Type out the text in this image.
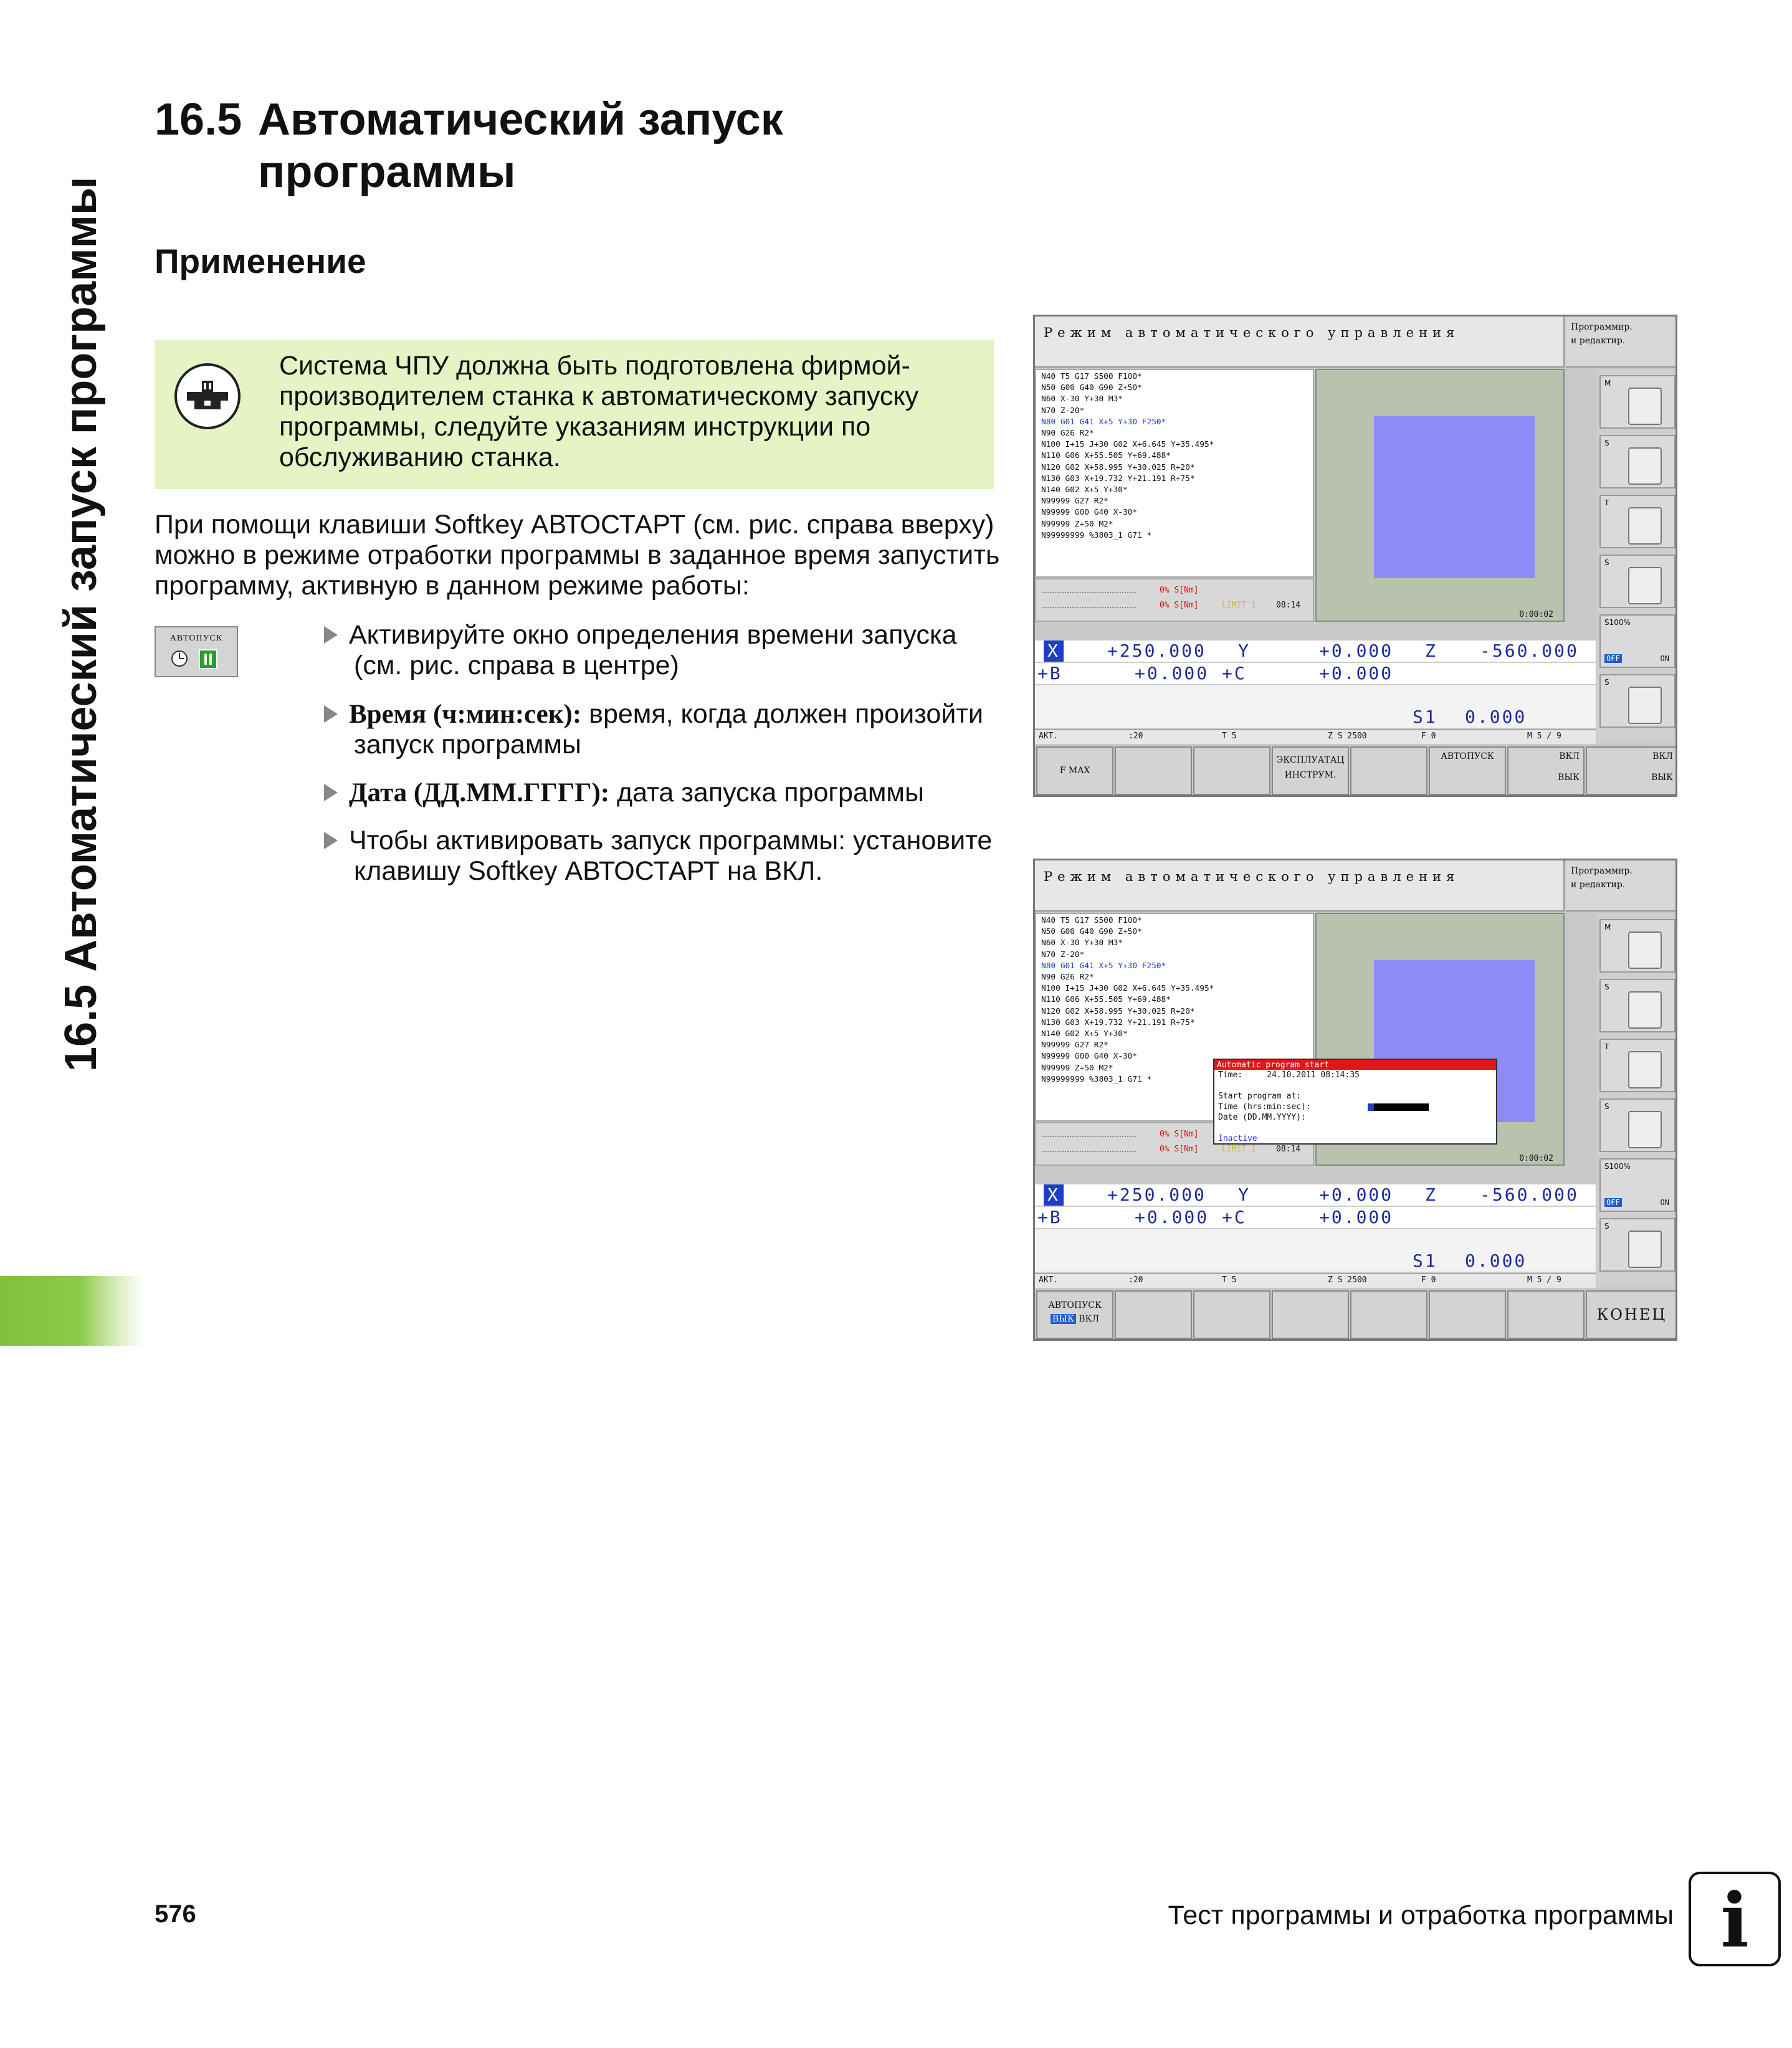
16.5 Автоматический запуск программы
16.5 Автоматический запуск
программы
Применение
Система ЧПУ должна быть подготовлена фирмой-производителем станка к автоматическому запуску программы, следуйте указаниям инструкции по обслуживанию станка.
При помощи клавиши Softkey АВТОСТАРТ (см. рис. справа вверху) можно в режиме отработки программы в заданное время запустить программу, активную в данном режиме работы:
АВТОПУСК	Активируйте окно определения времени запуска (см. рис. справа в центре)
Время (ч:мин:сек): время, когда должен произойти запуск программы
Дата (ДД.ММ.ГГГГ): дата запуска программы
Чтобы активировать запуск программы: установите клавишу Softkey АВТОСТАРТ на ВКЛ.
Режим автоматического управления	Программир.
и редактир.
N40 T5 G17 S500 F100*
N50 G00 G40 G90 Z+50*
N60 X-30 Y+30 M3*
N70 Z-20*
N80 G01 G41 X+5 Y+30 F250*
N90 G26 R2*
N100 I+15 J+30 G02 X+6.645 Y+35.495*
N110 G06 X+55.505 Y+69.488*
N120 G02 X+58.995 Y+30.025 R+20*
N130 G03 X+19.732 Y+21.191 R+75*
N140 G02 X+5 Y+30*
N99999 G27 R2*
N99999 G00 G40 X-30*
N99999 Z+50 M2*
N99999999 %3803_1 G71 *
0% S[Nm]
0% S[Nm]	LIMIT 1 08:14
0:00:02
X	+250.000 Y	+0.000 Z -560.000
+B	+0.000 +C	+0.000
S1 0.000
АКТ.	:20	T 5	Z S 2500	F 0	M 5 / 9
M
S
T
S
S100%
OFF	ON
S
F MAX
ЭКСПЛУАТАЦ
ИНСТРУМ.
АВТОПУСК	ВКЛ
ВЫК
ВКЛ
ВЫК
Режим автоматического управления	Программир.
и редактир.
N40 T5 G17 S500 F100*
N50 G00 G40 G90 Z+50*
N60 X-30 Y+30 M3*
N70 Z-20*
N80 G01 G41 X+5 Y+30 F250*
N90 G26 R2*
N100 I+15 J+30 G02 X+6.645 Y+35.495*
N110 G06 X+55.505 Y+69.488*
N120 G02 X+58.995 Y+30.025 R+20*
N130 G03 X+19.732 Y+21.191 R+75*
N140 G02 X+5 Y+30*
N99999 G27 R2*
N99999 G00 G40 X-30*
N99999 Z+50 M2*
N99999999 %3803_1 G71 *
0% S[Nm]
0% S[Nm]	LIMIT 1 08:14
0:00:02
Automatic program start
Time:	24.10.2011 08:14:35

Start program at:
Time (hrs:min:sec):
Date (DD.MM.YYYY):

Inactive
X	+250.000 Y	+0.000 Z -560.000
+B	+0.000 +C	+0.000
S1 0.000
АКТ.	:20	T 5	Z S 2500	F 0	M 5 / 9
M
S
T
S
S100%
OFF	ON
S
АВТОПУСК
ВЫК ВКЛ	КОНЕЦ
576	Тест программы и отработка программы i
